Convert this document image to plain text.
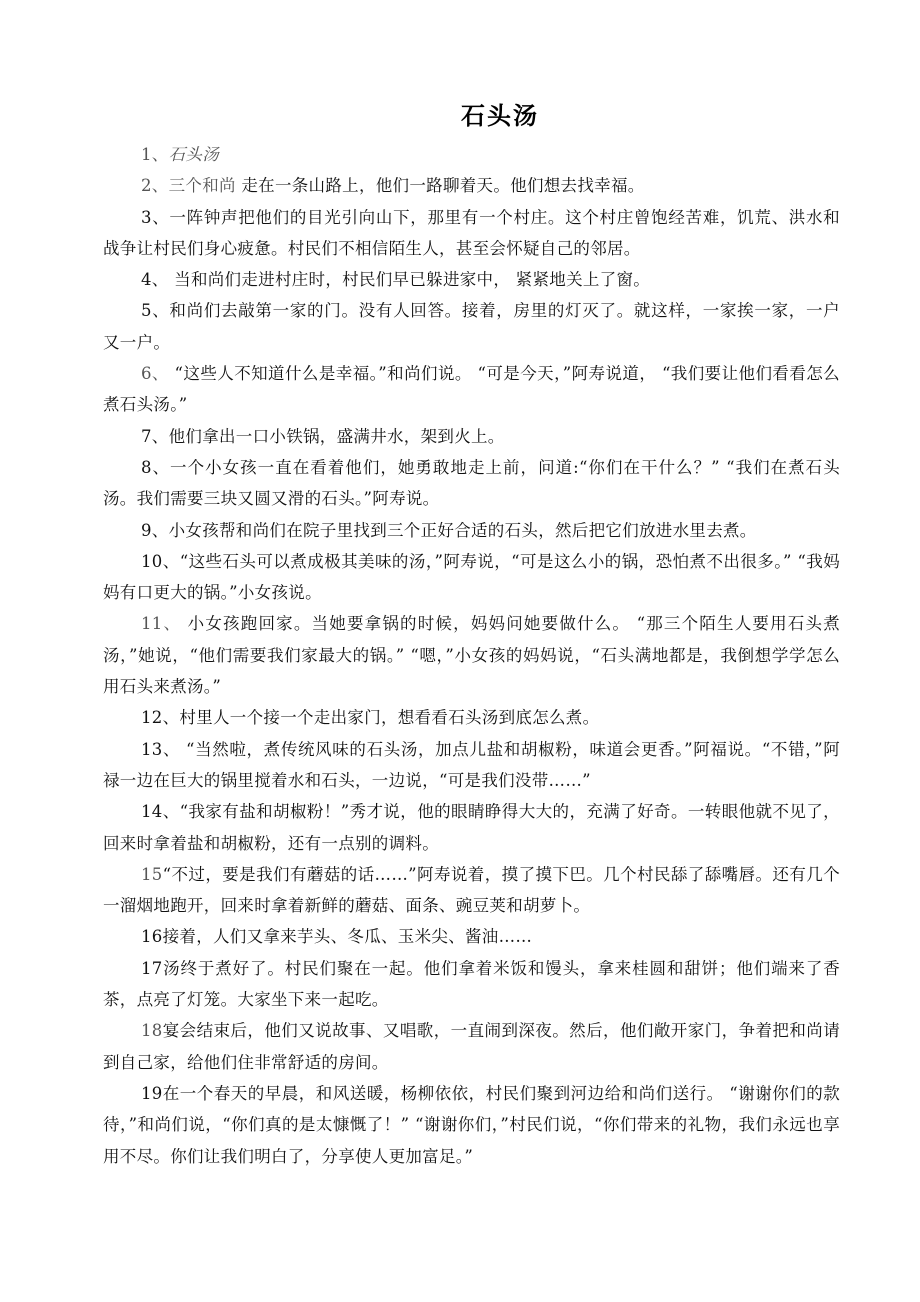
石头汤

1、石头汤

2、三个和尚 走在一条山路上，他们一路聊着天。他们想去找幸福。

3、一阵钟声把他们的目光引向山下，那里有一个村庄。这个村庄曾饱经苦难，饥荒、洪水和战争让村民们身心疲惫。村民们不相信陌生人，甚至会怀疑自己的邻居。

4、 当和尚们走进村庄时，村民们早已躲进家中， 紧紧地关上了窗。

5、和尚们去敲第一家的门。没有人回答。接着，房里的灯灭了。就这样，一家挨一家，一户又一户。

6、 “这些人不知道什么是幸福。”和尚们说。 “可是今天，”阿寿说道， “我们要让他们看看怎么煮石头汤。”

7、他们拿出一口小铁锅，盛满井水，架到火上。

8、一个小女孩一直在看着他们，她勇敢地走上前，问道:“你们在干什么？” “我们在煮石头汤。我们需要三块又圆又滑的石头。”阿寿说。

9、小女孩帮和尚们在院子里找到三个正好合适的石头，然后把它们放进水里去煮。

10、“这些石头可以煮成极其美味的汤，”阿寿说，“可是这么小的锅，恐怕煮不出很多。” “我妈妈有口更大的锅。”小女孩说。

11、 小女孩跑回家。当她要拿锅的时候，妈妈问她要做什么。 “那三个陌生人要用石头煮汤，”她说，“他们需要我们家最大的锅。” “嗯，”小女孩的妈妈说，“石头满地都是，我倒想学学怎么用石头来煮汤。”

12、村里人一个接一个走出家门，想看看石头汤到底怎么煮。

13、 “当然啦，煮传统风味的石头汤，加点儿盐和胡椒粉，味道会更香。”阿福说。“不错，”阿禄一边在巨大的锅里搅着水和石头，一边说，“可是我们没带……”

14、“我家有盐和胡椒粉！”秀才说，他的眼睛睁得大大的，充满了好奇。一转眼他就不见了，回来时拿着盐和胡椒粉，还有一点别的调料。

15“不过，要是我们有蘑菇的话……”阿寿说着，摸了摸下巴。几个村民舔了舔嘴唇。还有几个一溜烟地跑开，回来时拿着新鲜的蘑菇、面条、豌豆荚和胡萝卜。

16接着，人们又拿来芋头、冬瓜、玉米尖、酱油……

17汤终于煮好了。村民们聚在一起。他们拿着米饭和馒头，拿来桂圆和甜饼；他们端来了香茶，点亮了灯笼。大家坐下来一起吃。

18宴会结束后，他们又说故事、又唱歌，一直闹到深夜。然后，他们敞开家门，争着把和尚请到自己家，给他们住非常舒适的房间。

19在一个春天的早晨，和风送暖，杨柳依依，村民们聚到河边给和尚们送行。 “谢谢你们的款待，”和尚们说，“你们真的是太慷慨了！” “谢谢你们，”村民们说，“你们带来的礼物，我们永远也享用不尽。你们让我们明白了，分享使人更加富足。”
